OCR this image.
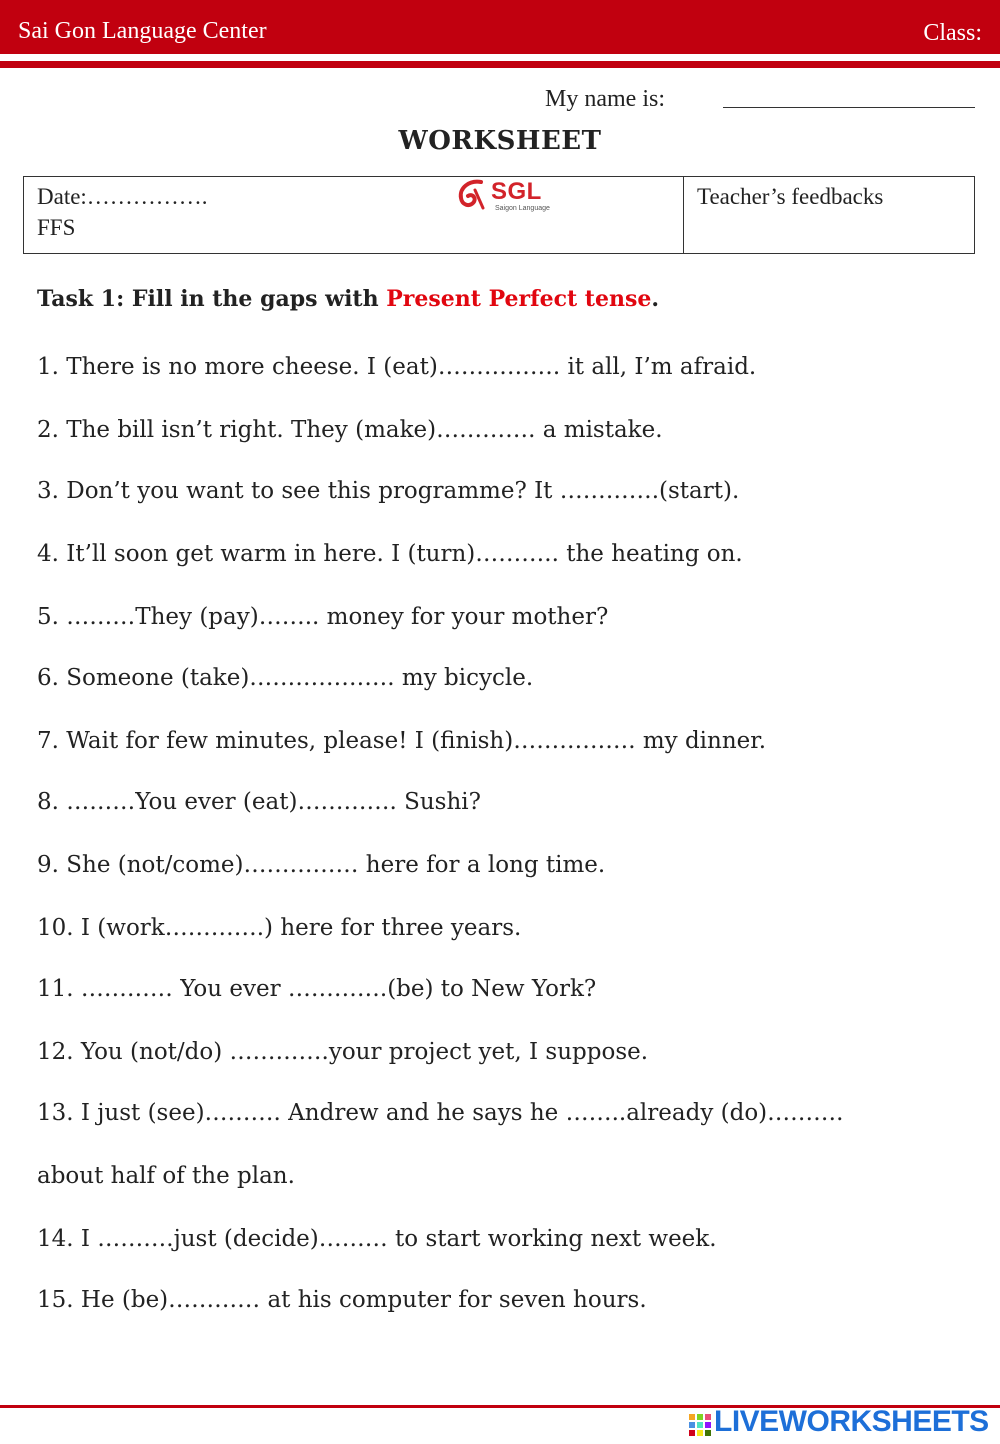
Sai Gon Language Center	Class:
My name is:
WORKSHEET
Date:…………….
FFS
Teacher’s feedbacks
SGL
Saigon Language
Task 1: Fill in the gaps with Present Perfect tense.
1. There is no more cheese. I (eat)……………. it all, I’m afraid.
2. The bill isn’t right. They (make)…………. a mistake.
3. Don’t you want to see this programme? It ………….(start).
4. It’ll soon get warm in here. I (turn)……….. the heating on.
5. ………They (pay)…….. money for your mother?
6. Someone (take)………………. my bicycle.
7. Wait for few minutes, please! I (finish)……………. my dinner.
8. ………You ever (eat)…………. Sushi?
9. She (not/come)…………… here for a long time.
10. I (work………….) here for three years.
11. ………… You ever ………….(be) to New York?
12. You (not/do) ………….your project yet, I suppose.
13. I just (see)………. Andrew and he says he ……..already (do)……….
about half of the plan.
14. I ……….just (decide)……… to start working next week.
15. He (be)………… at his computer for seven hours.
LIVEWORKSHEETS
